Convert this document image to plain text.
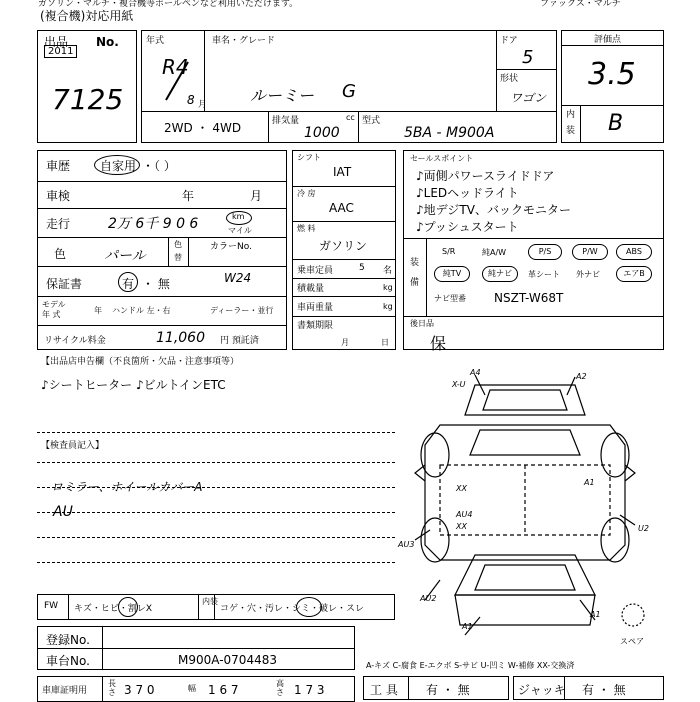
ガソリン・マルチ・複合機等ボールペンなど利用いただけます。	ファックス・マルチ
(複合機)対応用紙
出品
2011
No.
7125
年式
R4
8 月
車名・グレード
ルーミー G
ドア
5
形状
ワゴン
2WD ・ 4WD	排気量	cc
1000
型式
5BA - M900A
評価点
3.5
内
装 B
車歴 自家用 ・（ ）
車検	年	月
走行	2万 6千 9 0 6	km
マイル
色	パール
色
替
カラーNo.
W24
保証書	有 ・ 無
モデル
年 式	年 ハンドル 左・右	ディーラー・並行
リサイクル料金	11,060 円 預託済
シフト
IAT
冷 房
AAC
燃 料
ガソリン
乗車定員	5 名
積載量	kg
車両重量	kg
書類期限
月	日
セールスポイント
♪両側パワースライドドア
♪LEDヘッドライト
♪地デジTV、バックモニター
♪プッシュスタート
装
備
S/R	純A/W	P/S	P/W	ABS
純TV	純ナビ	革シート 外ナビ	エアB
ナビ型番 NSZT-W68T
後日品
保
【出品店申告欄（不良箇所・欠品・注意事項等）
♪シートヒーター ♪ビルトインETC
【検査員記入】
ロミラー、ホイールカバーA
AU
A4
X-U
A2
XX
A1
AU4
XX	U2
AU3
AU2
A1
A1
スペア
FW キズ・ヒビ・割レX
内装
コゲ・穴・汚レ・シミ・破レ・スレ
登録No.
車台No.	M900A-0704483	A-キズ C-腐食 E-エクボ S-サビ U-凹ミ W-補修 XX-交換済
車庫証明用
長さ 3 7 0	幅 1 6 7	高さ 1 7 3	工 具 有 ・ 無	ジャッキ 有 ・ 無
